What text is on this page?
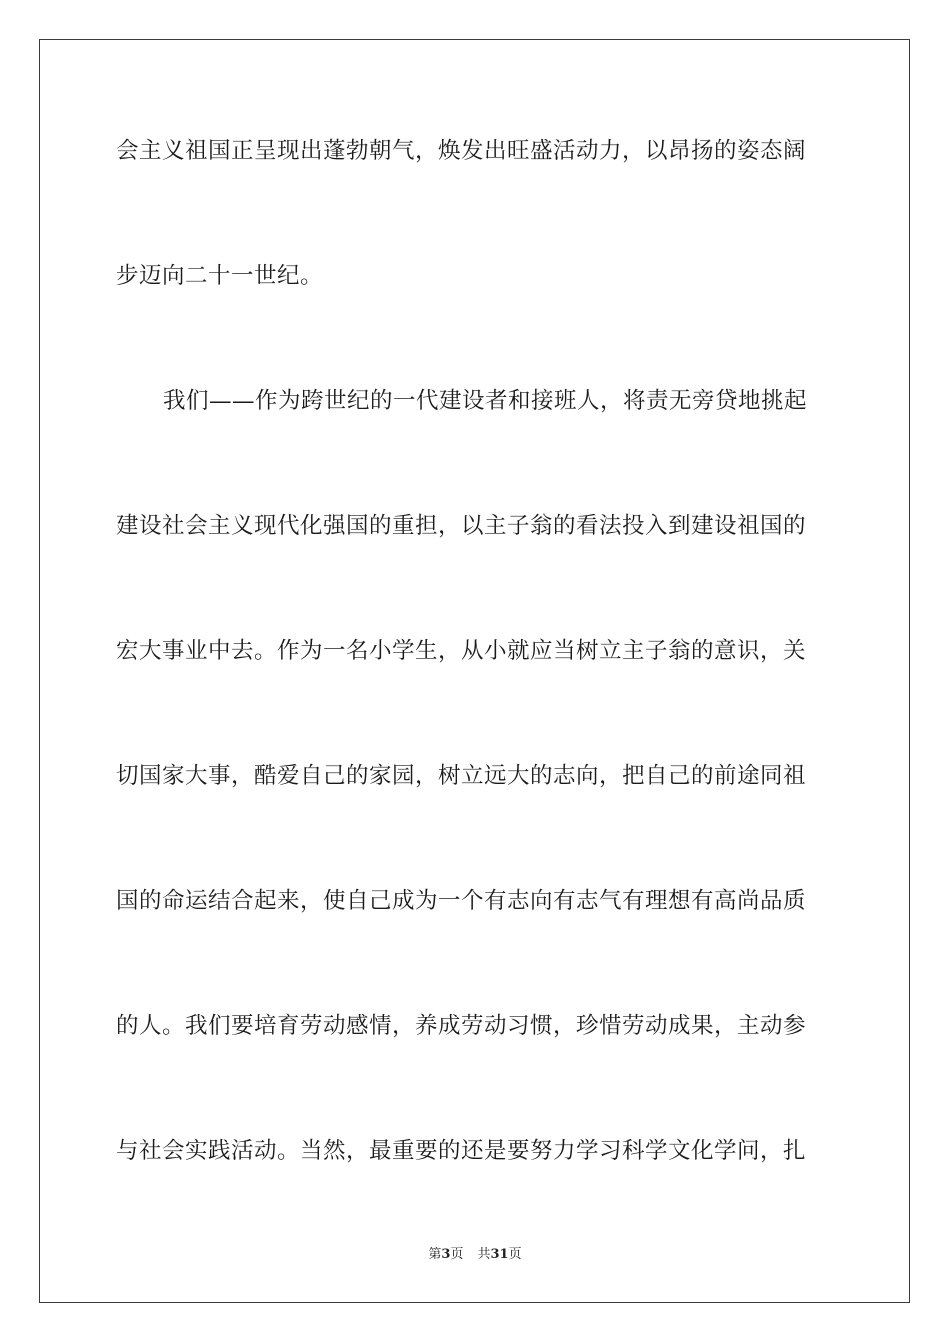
会主义祖国正呈现出蓬勃朝气，焕发出旺盛活动力，以昂扬的姿态阔
步迈向二十一世纪。
我们——作为跨世纪的一代建设者和接班人，将责无旁贷地挑起
建设社会主义现代化强国的重担，以主子翁的看法投入到建设祖国的
宏大事业中去。作为一名小学生，从小就应当树立主子翁的意识，关
切国家大事，酷爱自己的家园，树立远大的志向，把自己的前途同祖
国的命运结合起来，使自己成为一个有志向有志气有理想有高尚品质
的人。我们要培育劳动感情，养成劳动习惯，珍惜劳动成果，主动参
与社会实践活动。当然，最重要的还是要努力学习科学文化学问，扎
第3页 共31页
